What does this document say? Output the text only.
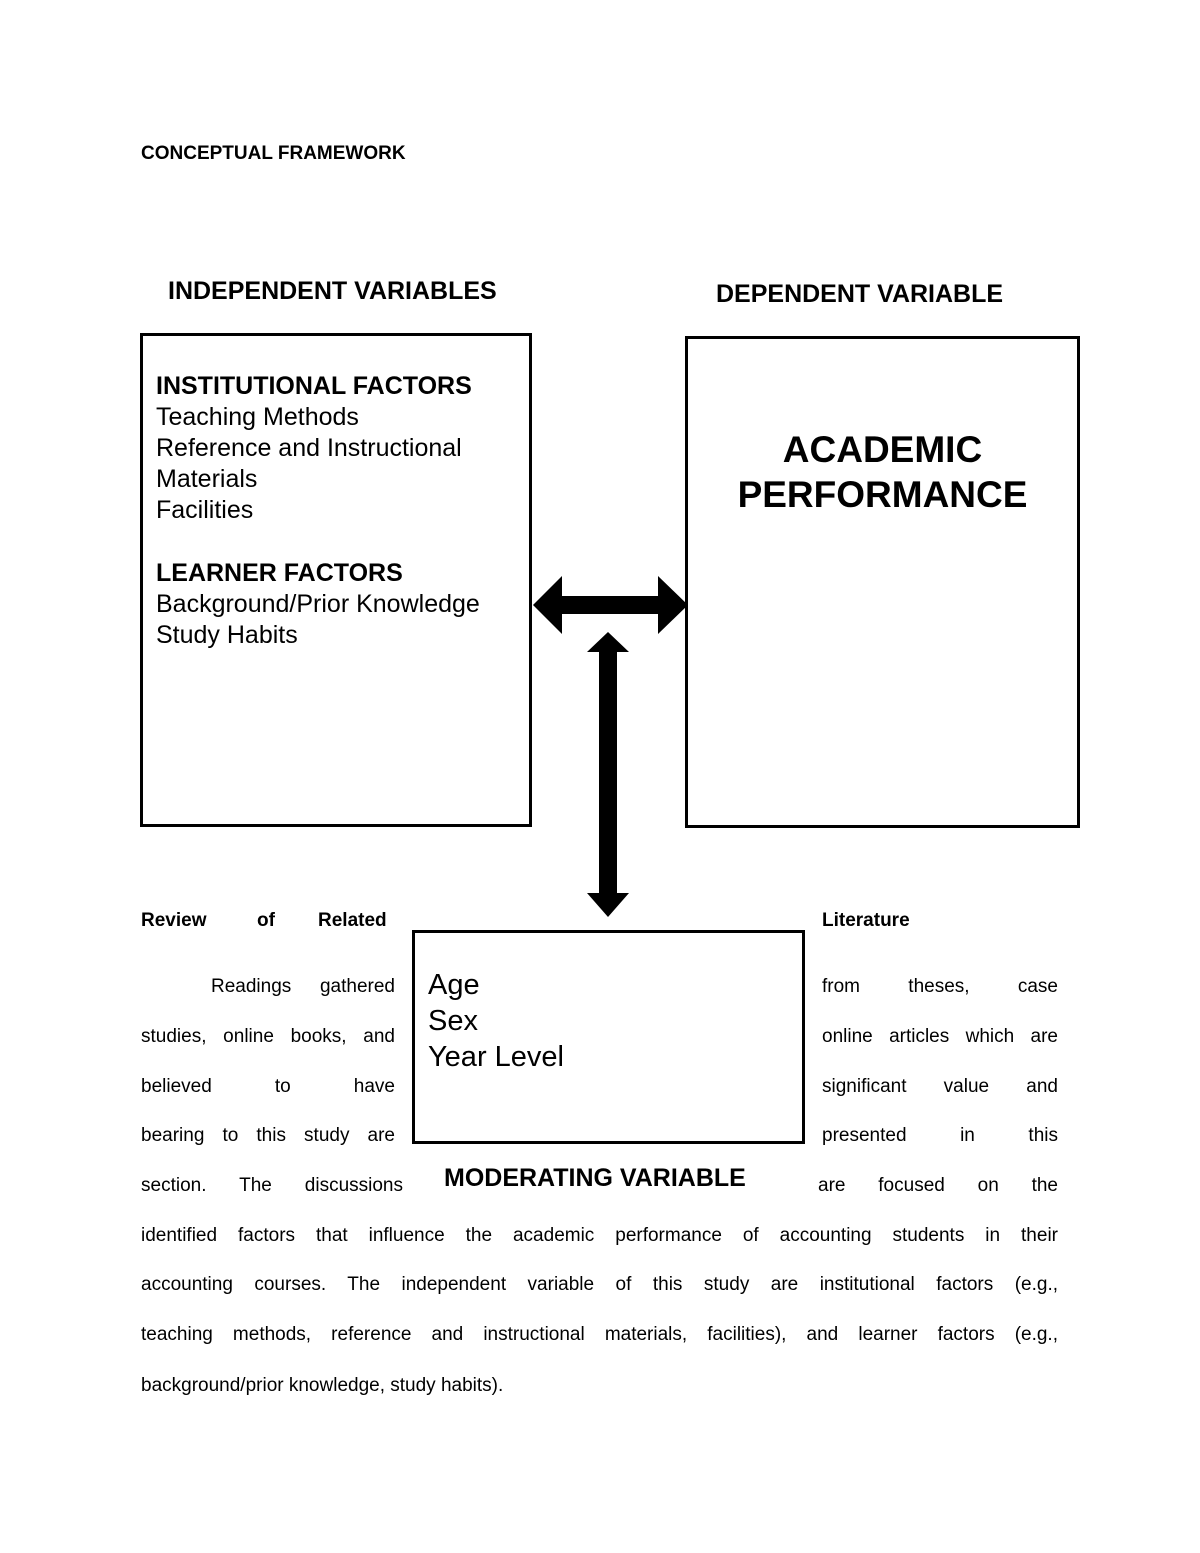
CONCEPTUAL FRAMEWORK
INDEPENDENT VARIABLES	DEPENDENT VARIABLE
INSTITUTIONAL FACTORS
Teaching Methods
Reference and Instructional
Materials
Facilities
LEARNER FACTORS
Background/Prior Knowledge
Study Habits
ACADEMIC
PERFORMANCE
Age
Sex
Year Level
MODERATING VARIABLE
Review	of Related	Literature
Readings gathered
studies, online books, and
believed to have
bearing to this study are
section. The discussions
from theses, case
online articles which are
significant value and
presented in this
are focused on the
identified factors that influence the academic performance of accounting students in their
accounting courses. The independent variable of this study are institutional factors (e.g.,
teaching methods, reference and instructional materials, facilities), and learner factors (e.g.,
background/prior knowledge, study habits).
